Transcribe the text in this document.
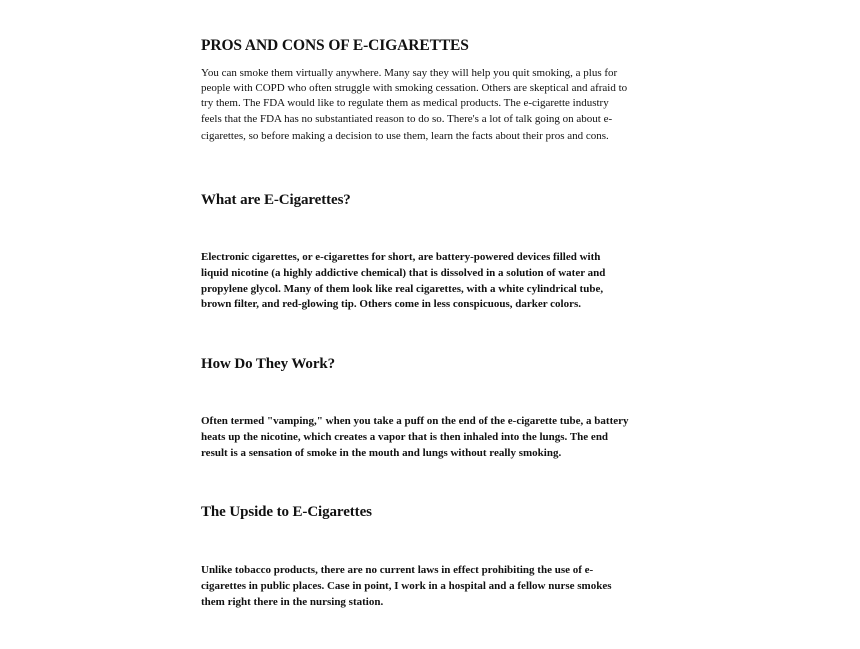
PROS AND CONS OF E-CIGARETTES
You can smoke them virtually anywhere. Many say they will help you quit smoking, a plus for
people with COPD who often struggle with smoking cessation. Others are skeptical and afraid to
try them. The FDA would like to regulate them as medical products. The e-cigarette industry
feels that the FDA has no substantiated reason to do so. There's a lot of talk going on about e-
cigarettes, so before making a decision to use them, learn the facts about their pros and cons.
What are E-Cigarettes?
Electronic cigarettes, or e-cigarettes for short, are battery-powered devices filled with
liquid nicotine (a highly addictive chemical) that is dissolved in a solution of water and
propylene glycol. Many of them look like real cigarettes, with a white cylindrical tube,
brown filter, and red-glowing tip. Others come in less conspicuous, darker colors.
How Do They Work?
Often termed "vamping," when you take a puff on the end of the e-cigarette tube, a battery
heats up the nicotine, which creates a vapor that is then inhaled into the lungs. The end
result is a sensation of smoke in the mouth and lungs without really smoking.
The Upside to E-Cigarettes
Unlike tobacco products, there are no current laws in effect prohibiting the use of e-
cigarettes in public places. Case in point, I work in a hospital and a fellow nurse smokes
them right there in the nursing station.
